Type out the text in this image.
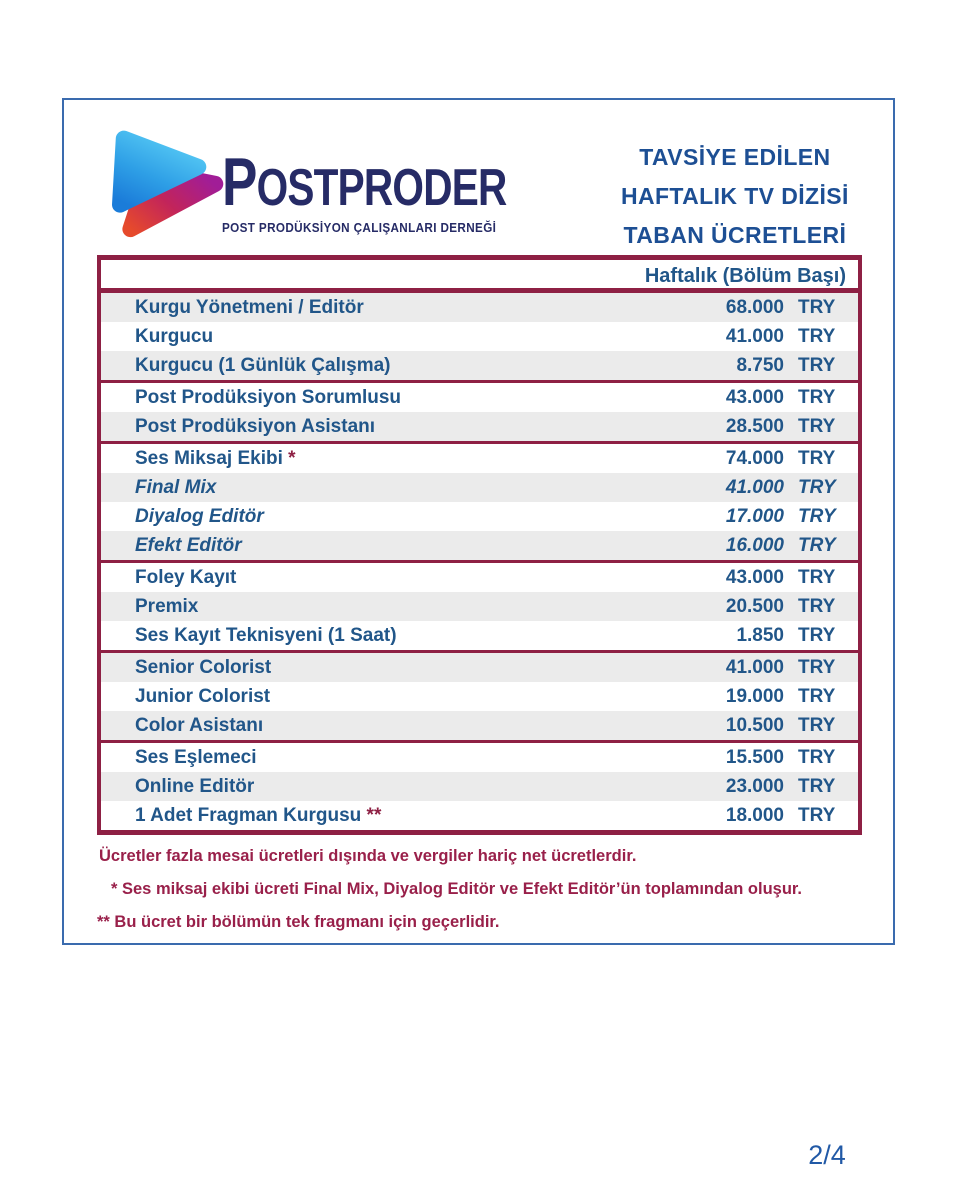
P OSTPRODER
POST PRODÜKSİYON ÇALIŞANLARI DERNEĞİ
TAVSİYE EDİLEN
HAFTALIK TV DİZİSİ
TABAN ÜCRETLERİ
Haftalık (Bölüm Başı)
Kurgu Yönetmeni / Editör	68.000 TRY
Kurgucu	41.000 TRY
Kurgucu (1 Günlük Çalışma)	8.750 TRY
Post Prodüksiyon Sorumlusu	43.000 TRY
Post Prodüksiyon Asistanı	28.500 TRY
Ses Miksaj Ekibi *	74.000 TRY
Final Mix	41.000 TRY
Diyalog Editör	17.000 TRY
Efekt Editör	16.000 TRY
Foley Kayıt	43.000 TRY
Premix	20.500 TRY
Ses Kayıt Teknisyeni (1 Saat)	1.850 TRY
Senior Colorist	41.000 TRY
Junior Colorist	19.000 TRY
Color Asistanı	10.500 TRY
Ses Eşlemeci	15.500 TRY
Online Editör	23.000 TRY
1 Adet Fragman Kurgusu **	18.000 TRY
Ücretler fazla mesai ücretleri dışında ve vergiler hariç net ücretlerdir.
* Ses miksaj ekibi ücreti Final Mix, Diyalog Editör ve Efekt Editör’ün toplamından oluşur.
** Bu ücret bir bölümün tek fragmanı için geçerlidir.
2/4
